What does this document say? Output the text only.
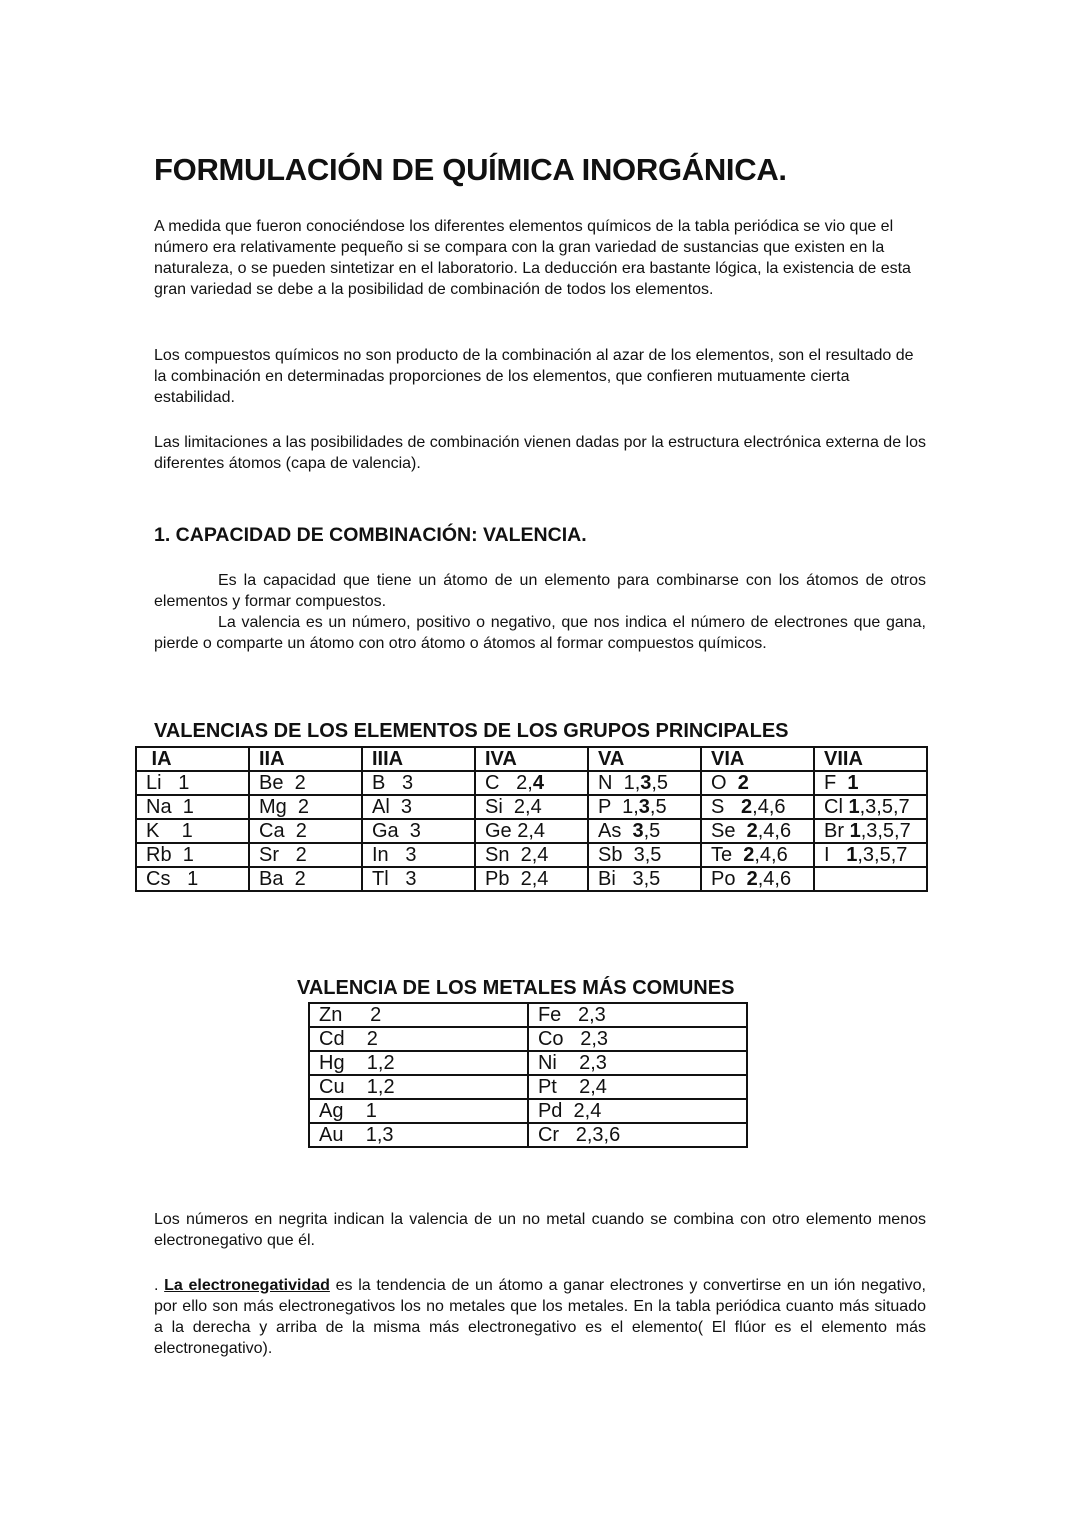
FORMULACIÓN DE QUÍMICA INORGÁNICA.

A medida que fueron conociéndose los diferentes elementos químicos de la tabla periódica se vio que el número era relativamente pequeño si se compara con la gran variedad de sustancias que existen en la naturaleza, o se pueden sintetizar en el laboratorio. La deducción era bastante lógica, la existencia de esta gran variedad se debe a la posibilidad de combinación de todos los elementos.

Los compuestos químicos no son producto de la combinación al azar de los elementos, son el resultado de la combinación en determinadas proporciones de los elementos, que confieren mutuamente cierta estabilidad.

Las limitaciones a las posibilidades de combinación vienen dadas por la estructura electrónica externa de los diferentes átomos (capa de valencia).

1. CAPACIDAD DE COMBINACIÓN: VALENCIA.

Es la capacidad que tiene un átomo de un elemento para combinarse con los átomos de otros elementos y formar compuestos.

La valencia es un número, positivo o negativo, que nos indica el número de electrones que gana, pierde o comparte un átomo con otro átomo o átomos al formar compuestos químicos.

VALENCIAS DE LOS ELEMENTOS DE LOS GRUPOS PRINCIPALES

IA	IIA	IIIA	IVA	VA	VIA	VIIA
Li   1	Be  2	B   3	C   2,4	N  1,3,5	O 2	F 1
Na  1	Mg  2	Al  3	Si  2,4	P  1,3,5	S 2,4,6	Cl 1,3,5,7
K    1	Ca  2	Ga  3	Ge 2,4	As 3,5	Se 2,4,6	Br 1,3,5,7
Rb  1	Sr   2	In   3	Sn  2,4	Sb  3,5	Te 2,4,6	I 1,3,5,7
Cs   1	Ba  2	Tl   3	Pb  2,4	Bi   3,5	Po 2,4,6	

VALENCIA DE LOS METALES MÁS COMUNES

Zn     2	Fe   2,3
Cd    2	Co   2,3
Hg    1,2	Ni    2,3
Cu    1,2	Pt    2,4
Ag    1	Pd  2,4
Au    1,3	Cr   2,3,6

Los números en negrita indican la valencia de un no metal cuando se combina con otro elemento menos electronegativo que él.

. La electronegatividad es la tendencia de un átomo a ganar electrones y convertirse en un ión negativo, por ello son más electronegativos los no metales que los metales. En la tabla periódica cuanto más situado a la derecha y arriba de la misma más electronegativo es el elemento( El flúor es el elemento más electronegativo).
